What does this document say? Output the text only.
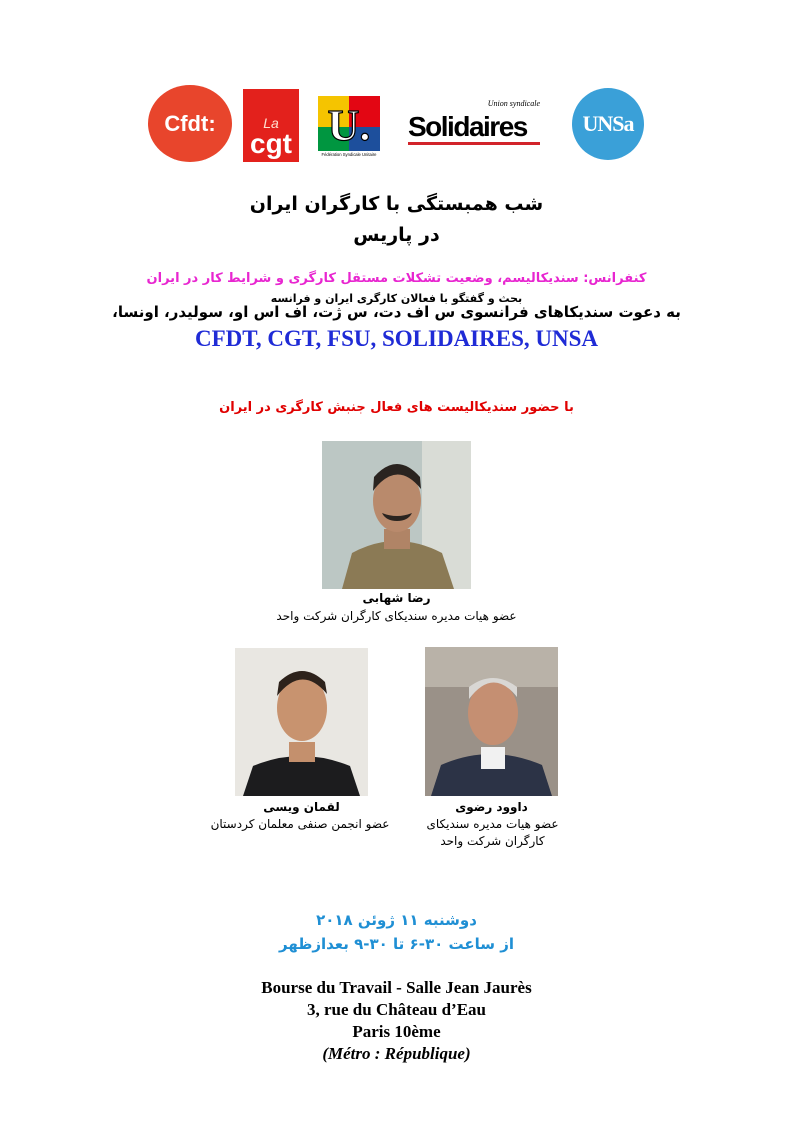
Cfdt:	La
cgt U.
Fédération Syndicale Unitaire
Union syndicale
Solidaires	UNSa
شب همبستگی با کارگران ایران
در پاریس
کنفرانس: سندیکالیسم، وضعیت تشکلات مستقل کارگری و شرایط کار در ایران
بحث و گفتگو با فعالان کارگری ایران و فرانسه
به دعوت سندیکاهای فرانسوی س اف دت، س ژت، اف اس او، سولیدر، اونسا،
CFDT, CGT, FSU, SOLIDAIRES, UNSA
با حضور سندیکالیست های فعال جنبش کارگری در ایران
رضا شهابی
عضو هیات مدیره سندیکای کارگران شرکت واحد
لقمان ویسی
عضو انجمن صنفی معلمان کردستان
داوود رضوی
عضو هیات مدیره سندیکای
کارگران شرکت واحد
دوشنبه ۱۱ ژوئن ۲۰۱۸
از ساعت ۳۰-۶ تا ۳۰-۹ بعدازظهر
Bourse du Travail - Salle Jean Jaurès
3, rue du Château d’Eau
Paris 10ème
(Métro : République)
